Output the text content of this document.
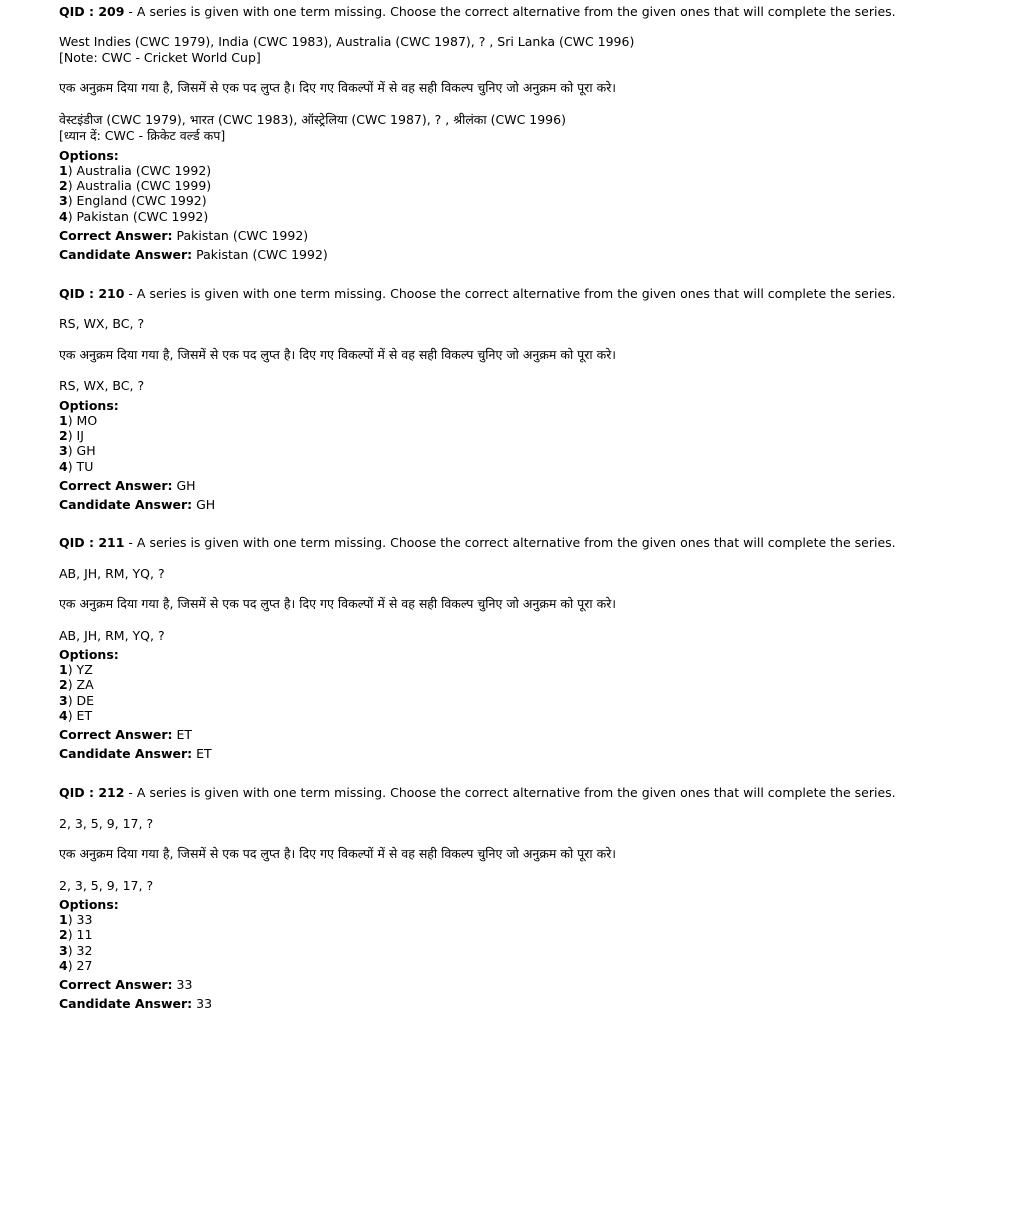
QID : 209 - A series is given with one term missing. Choose the correct alternative from the given ones that will complete the series.
West Indies (CWC 1979), India (CWC 1983), Australia (CWC 1987), ? , Sri Lanka (CWC 1996)
[Note: CWC - Cricket World Cup]
एक अनुक्रम दिया गया है, जिसमें से एक पद लुप्त है। दिए गए विकल्पों में से वह सही विकल्प चुनिए जो अनुक्रम को पूरा करे।
वेस्टइंडीज (CWC 1979), भारत (CWC 1983), ऑस्ट्रेलिया (CWC 1987), ? , श्रीलंका (CWC 1996)
[ध्यान दें: CWC - क्रिकेट वर्ल्ड कप]
Options:
1) Australia (CWC 1992)
2) Australia (CWC 1999)
3) England (CWC 1992)
4) Pakistan (CWC 1992)
Correct Answer: Pakistan (CWC 1992)
Candidate Answer: Pakistan (CWC 1992)
QID : 210 - A series is given with one term missing. Choose the correct alternative from the given ones that will complete the series.
RS, WX, BC, ?
एक अनुक्रम दिया गया है, जिसमें से एक पद लुप्त है। दिए गए विकल्पों में से वह सही विकल्प चुनिए जो अनुक्रम को पूरा करे।
RS, WX, BC, ?
Options:
1) MO
2) IJ
3) GH
4) TU
Correct Answer: GH
Candidate Answer: GH
QID : 211 - A series is given with one term missing. Choose the correct alternative from the given ones that will complete the series.
AB, JH, RM, YQ, ?
एक अनुक्रम दिया गया है, जिसमें से एक पद लुप्त है। दिए गए विकल्पों में से वह सही विकल्प चुनिए जो अनुक्रम को पूरा करे।
AB, JH, RM, YQ, ?
Options:
1) YZ
2) ZA
3) DE
4) ET
Correct Answer: ET
Candidate Answer: ET
QID : 212 - A series is given with one term missing. Choose the correct alternative from the given ones that will complete the series.
2, 3, 5, 9, 17, ?
एक अनुक्रम दिया गया है, जिसमें से एक पद लुप्त है। दिए गए विकल्पों में से वह सही विकल्प चुनिए जो अनुक्रम को पूरा करे।
2, 3, 5, 9, 17, ?
Options:
1) 33
2) 11
3) 32
4) 27
Correct Answer: 33
Candidate Answer: 33
